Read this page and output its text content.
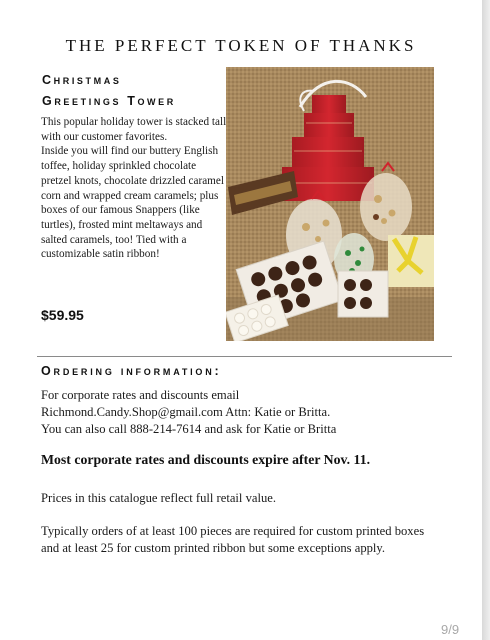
THE PERFECT TOKEN OF THANKS
Christmas
Greetings Tower

This popular holiday tower is stacked tall with our customer favorites.

Inside you will find our buttery English toffee, holiday sprinkled chocolate pretzel knots, chocolate drizzled caramel corn and wrapped cream caramels; plus boxes of our famous Snappers (like turtles), frosted mint meltaways and salted caramels, too! Tied with a customizable satin ribbon!

$59.95
Ordering information:

For corporate rates and discounts email

Richmond.Candy.Shop@gmail.com Attn: Katie or Britta.

You can also call 888-214-7614 and ask for Katie or Britta

Most corporate rates and discounts expire after Nov. 11.
Prices in this catalogue reflect full retail value.
Typically orders of at least 100 pieces are required for custom printed boxes and at least 25 for custom printed ribbon but some exceptions apply.
9/9
